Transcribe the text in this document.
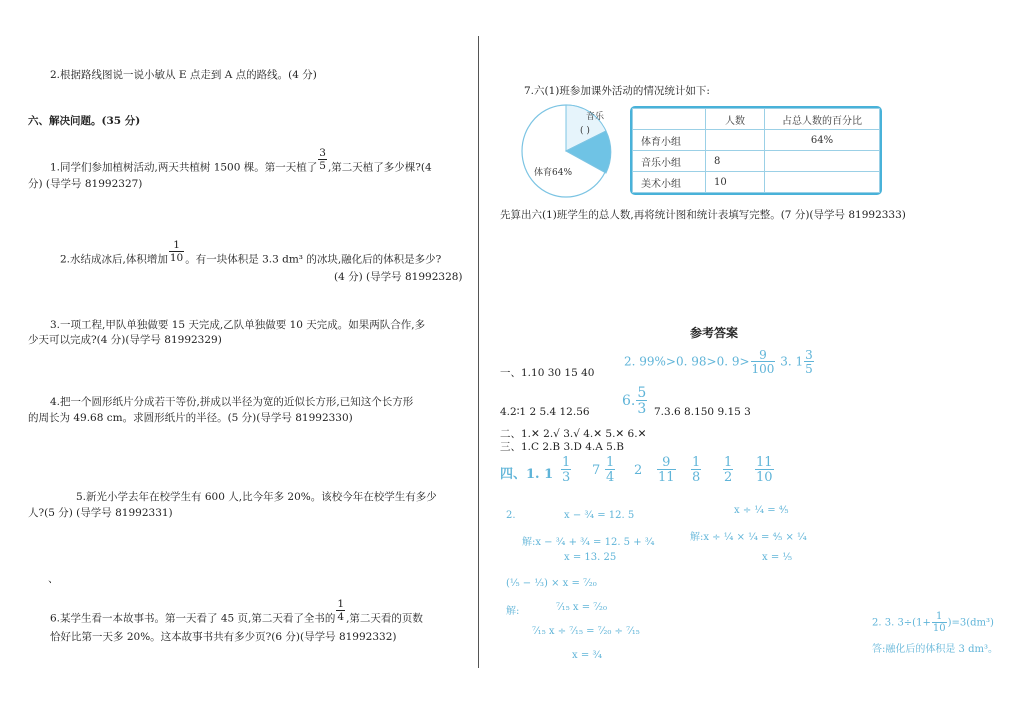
2.根据路线图说一说小敏从 E 点走到 A 点的路线。(4 分)
六、解决问题。(35 分)
1.同学们参加植树活动,两天共植树 1500 棵。第一天植了 $\frac{3}{5}$ ,第二天植了多少棵?(4
分) (导学号 81992327)
2.水结成冰后,体积增加 $\frac{1}{10}$ 。有一块体积是 3.3 dm³ 的冰块,融化后的体积是多少?
(4 分) (导学号 81992328)
3.一项工程,甲队单独做要 15 天完成,乙队单独做要 10 天完成。如果两队合作,多
少天可以完成?(4 分)(导学号 81992329)
4.把一个圆形纸片分成若干等份,拼成以半径为宽的近似长方形,已知这个长方形
的周长为 49.68 cm。求圆形纸片的半径。(5 分)(导学号 81992330)
5.新光小学去年在校学生有 600 人,比今年多 20%。该校今年在校学生有多少
人?(5 分) (导学号 81992331)
、
6.某学生看一本故事书。第一天看了 45 页,第二天看了全书的 $\frac{1}{4}$ ,第二天看的页数
恰好比第一天多 20%。这本故事书共有多少页?(6 分)(导学号 81992332)
7.六(1)班参加课外活动的情况统计如下:
音乐
( )
体育64%
	人数	占总人数的百分比
体育小组		64%
音乐小组	8	
美术小组	10	
先算出六(1)班学生的总人数,再将统计图和统计表填写完整。(7 分)(导学号 81992333)
参考答案
一、1.10 30 15 40
2. 99%>0. 98>0. $9> \frac{9}{100} 3$. $1 \frac{3}{5}$
4.2∶1 2 5.4 12.56
6. $\frac{5}{3} 7.3.6$ 8.150 9.15 3
二、1.✕ 2.√ 3.√ 4.✕ 5.✕ 6.✕
三、1.C 2.B 3.D 4.A 5.B
四、1. $1 \frac{1}{3} 7 \frac{1}{4} 2 \frac{9}{11} \frac{1}{8} \frac{1}{2} \frac{11}{10}$
2.	x − ³⁄₄ = 12. 5
解:x − ³⁄₄ + ³⁄₄ = 12. 5 + ³⁄₄
x = 13. 25
x ÷ ¹⁄₄ = ⁴⁄₅
解:x ÷ ¹⁄₄ × ¹⁄₄ = ⁴⁄₅ × ¹⁄₄
x = ¹⁄₅
(¹⁄₅ − ¹⁄₃) × x = ⁷⁄₂₀
解:	⁷⁄₁₅ x = ⁷⁄₂₀
⁷⁄₁₅ x ÷ ⁷⁄₁₅ = ⁷⁄₂₀ ÷ ⁷⁄₁₅
x = ³⁄₄
2. 3. $3\div(1+ \frac{1}{10} )=3(dm^3)$
答:融化后的体积是 3 dm³。
